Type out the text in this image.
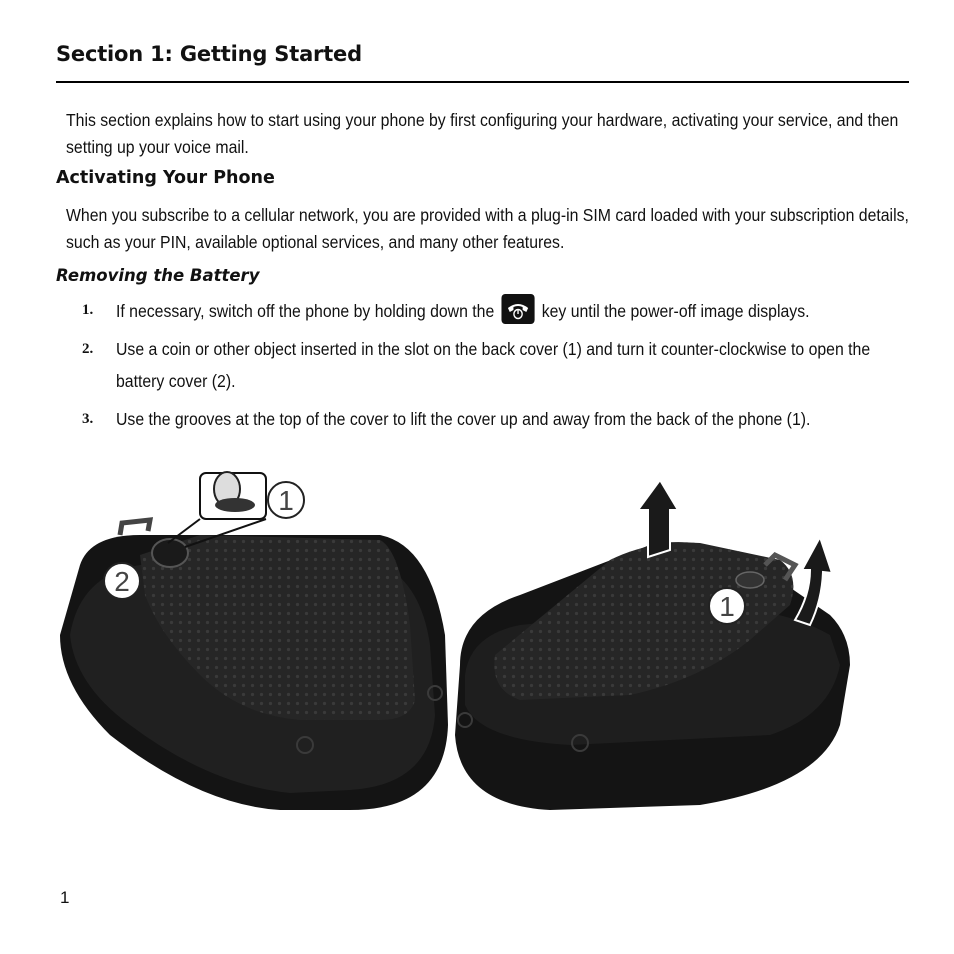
Section 1: Getting Started

This section explains how to start using your phone by first configuring your hardware, activating your service, and then setting up your voice mail.

Activating Your Phone

When you subscribe to a cellular network, you are provided with a plug-in SIM card loaded with your subscription details, such as your PIN, available optional services, and many other features.

Removing the Battery
1. If necessary, switch off the phone by holding down the	key until the power-off image displays.

2. Use a coin or other object inserted in the slot on the back cover (1) and turn it counter-clockwise to open the battery cover (2).

3. Use the grooves at the top of the cover to lift the cover up and away from the back of the phone (1).

1
2
1
1
